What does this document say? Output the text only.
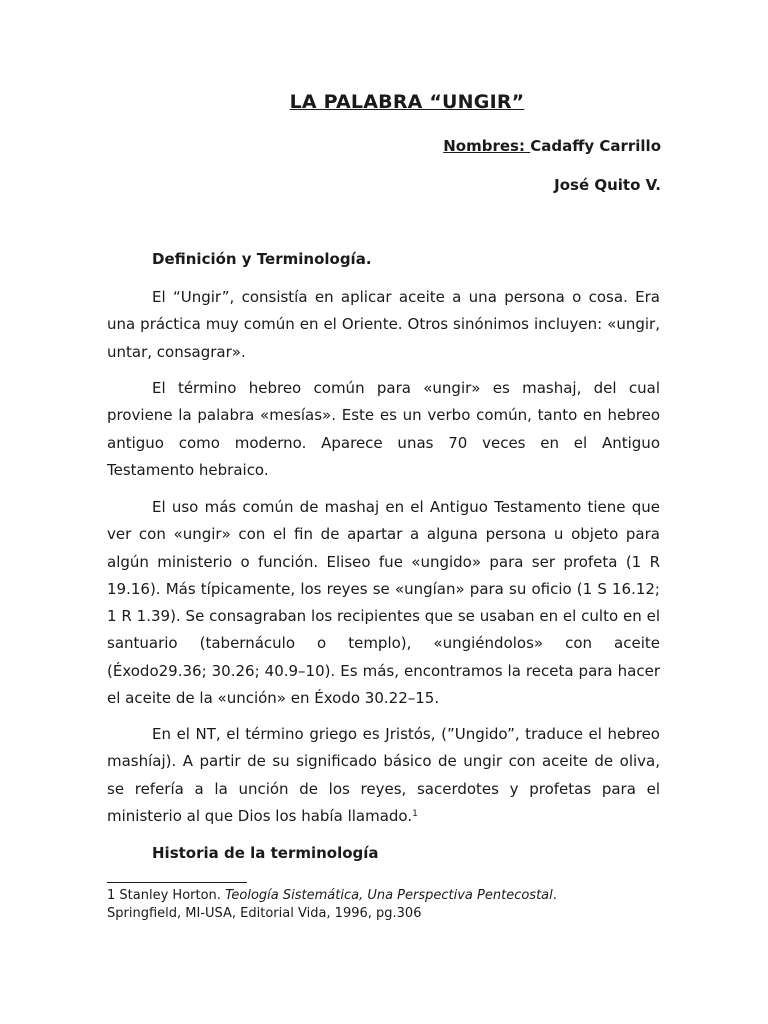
LA PALABRA “UNGIR”
Nombres: Cadaffy Carrillo
José Quito V.
Definición y Terminología.
El “Ungir”, consistía en aplicar aceite a una persona o cosa. Era
una práctica muy común en el Oriente. Otros sinónimos incluyen: «ungir,
untar, consagrar».
El término hebreo común para «ungir» es mashaj, del cual
proviene la palabra «mesías». Este es un verbo común, tanto en hebreo
antiguo como moderno. Aparece unas 70 veces en el Antiguo
Testamento hebraico.
El uso más común de mashaj en el Antiguo Testamento tiene que
ver con «ungir» con el fin de apartar a alguna persona u objeto para
algún ministerio o función. Eliseo fue «ungido» para ser profeta (1 R
19.16). Más típicamente, los reyes se «ungían» para su oficio (1 S 16.12;
1 R 1.39). Se consagraban los recipientes que se usaban en el culto en el
santuario (tabernáculo o templo), «ungiéndolos» con aceite
(Éxodo29.36; 30.26; 40.9–10). Es más, encontramos la receta para hacer
el aceite de la «unción» en Éxodo 30.22–15.
En el NT, el término griego es Jristós, (”Ungido”, traduce el hebreo
mashíaj). A partir de su significado básico de ungir con aceite de oliva,
se refería a la unción de los reyes, sacerdotes y profetas para el
ministerio al que Dios los había llamado.$^1$
Historia de la terminología
1 Stanley Horton. Teología Sistemática, Una Perspectiva Pentecostal.
Springfield, MI-USA, Editorial Vida, 1996, pg.306
